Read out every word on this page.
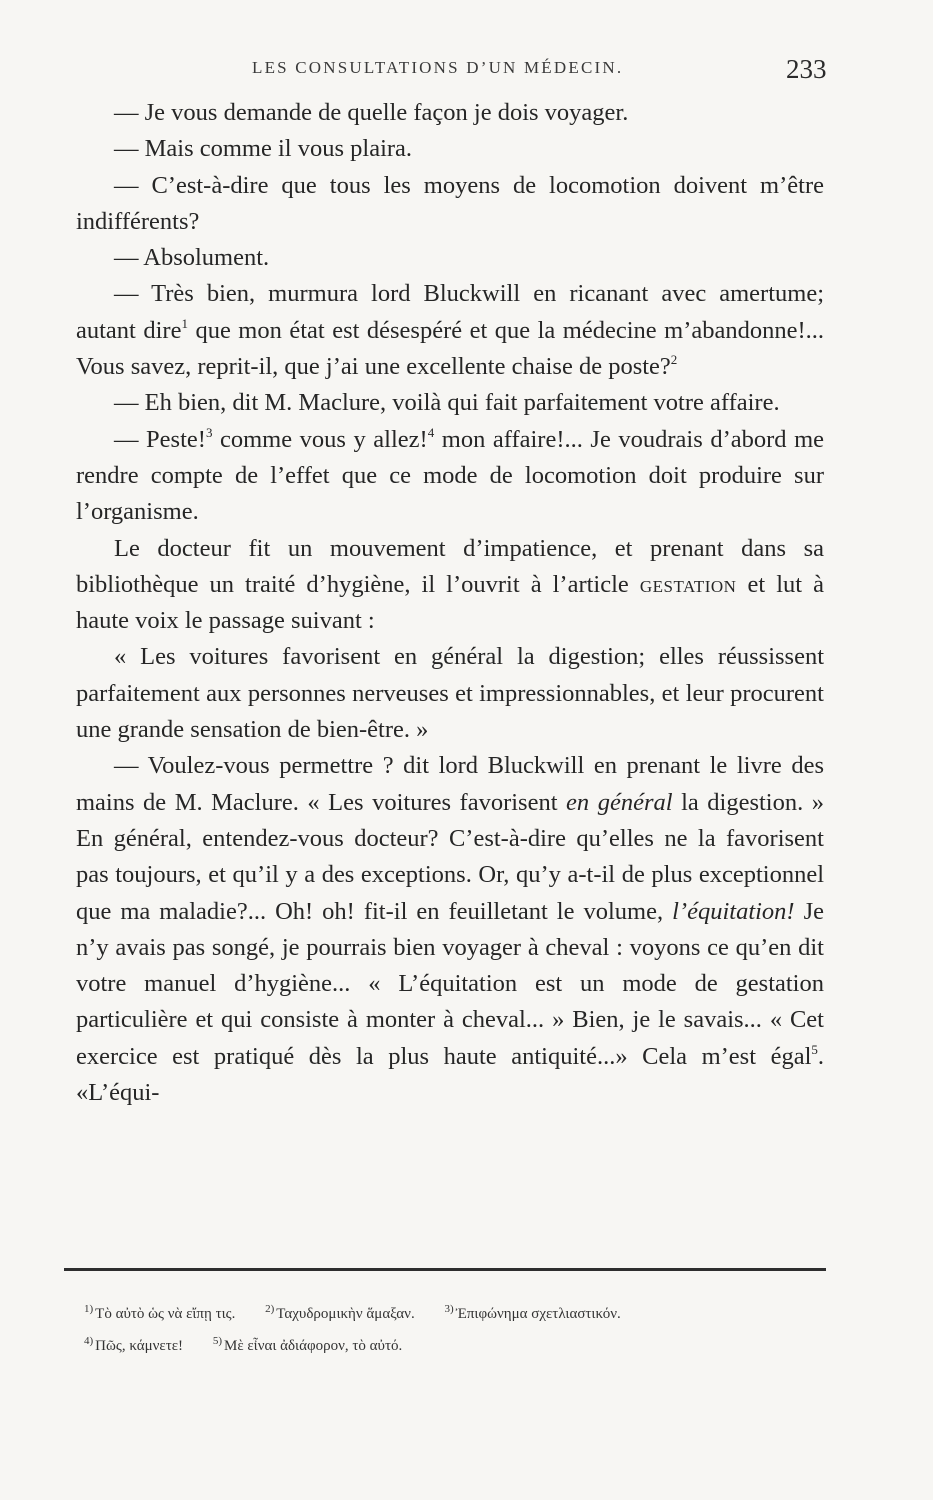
LES CONSULTATIONS D’UN MÉDECIN.	233

— Je vous demande de quelle façon je dois voyager.

— Mais comme il vous plaira.

— C’est-à-dire que tous les moyens de locomotion doivent m’être indifférents?

— Absolument.

— Très bien, murmura lord Bluckwill en ricanant avec amertume; autant dire$^1$ que mon état est désespéré et que la médecine m’abandonne!... Vous savez, reprit-il, que j’ai une excellente chaise de poste?$^2$

— Eh bien, dit M. Maclure, voilà qui fait parfaitement votre affaire.

— Peste!$^3$ comme vous y allez!$^4$ mon affaire!... Je voudrais d’abord me rendre compte de l’effet que ce mode de locomotion doit produire sur l’organisme.

Le docteur fit un mouvement d’impatience, et prenant dans sa bibliothèque un traité d’hygiène, il l’ouvrit à l’article gestation et lut à haute voix le passage suivant :

« Les voitures favorisent en général la digestion; elles réussissent parfaitement aux personnes nerveuses et impressionnables, et leur procurent une grande sensation de bien-être. »

— Voulez-vous permettre ? dit lord Bluckwill en prenant le livre des mains de M. Maclure. « Les voitures favorisent en général la digestion. » En général, entendez-vous docteur? C’est-à-dire qu’elles ne la favorisent pas toujours, et qu’il y a des exceptions. Or, qu’y a-t-il de plus exceptionnel que ma maladie?... Oh! oh! fit-il en feuilletant le volume, l’équitation! Je n’y avais pas songé, je pourrais bien voyager à cheval : voyons ce qu’en dit votre manuel d’hygiène... « L’équitation est un mode de gestation particulière et qui consiste à monter à cheval... » Bien, je le savais... « Cet exercice est pratiqué dès la plus haute antiquité...» Cela m’est égal$^5$. «L’équi-

$^{1)}$ Τὸ αὐτὸ ὡς νὰ εἴπῃ τις.	$^{2)}$ Ταχυδρομικὴν ἅμαξαν.	$^{3)}$ Ἐπιφώνημα σχετλιαστικόν.
$^{4)}$ Πῶς, κάμνετε!	$^{5)}$ Μὲ εἶναι ἀδιάφορον, τὸ αὐτό.
